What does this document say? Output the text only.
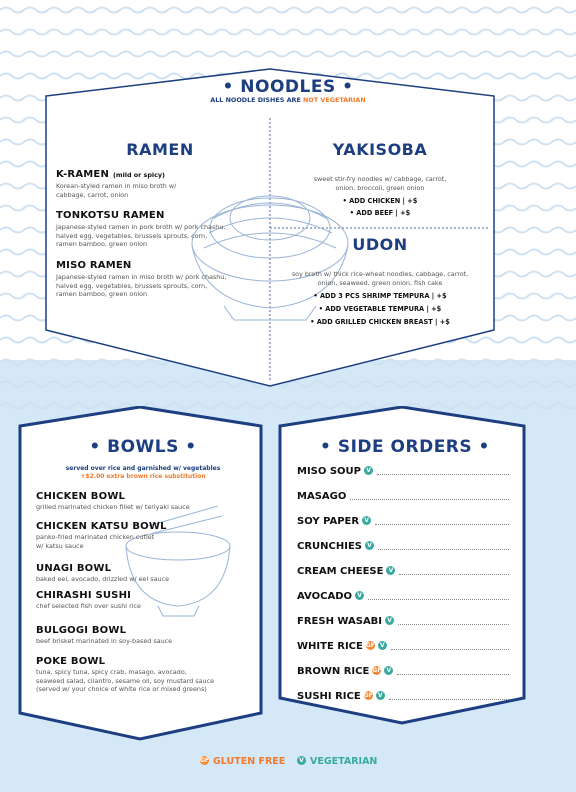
• NOODLES •
ALL NOODLE DISHES ARE NOT VEGETARIAN
RAMEN
K-RAMEN (mild or spicy)
Korean-styled ramen in miso broth w/
cabbage, carrot, onion
TONKOTSU RAMEN
Japanese-styled ramen in pork broth w/ pork chashu,
halved egg, vegetables, brussels sprouts, corn,
ramen bamboo, green onion
MISO RAMEN
Japanese-styled ramen in miso broth w/ pork chashu,
halved egg, vegetables, brussels sprouts, corn,
ramen bamboo, green onion
YAKISOBA
sweet stir-fry noodles w/ cabbage, carrot,
onion, broccoli, green onion
• ADD CHICKEN | +$
• ADD BEEF | +$
UDON
soy broth w/ thick rice-wheat noodles, cabbage, carrot,
onion, seaweed, green onion, fish cake
• ADD 3 PCS SHRIMP TEMPURA | +$
• ADD VEGETABLE TEMPURA | +$
• ADD GRILLED CHICKEN BREAST | +$
• BOWLS •
served over rice and garnished w/ vegetables
+$2.00 extra brown rice substitution
CHICKEN BOWL
grilled marinated chicken fillet w/ teriyaki sauce
CHICKEN KATSU BOWL
panko-fried marinated chicken cutlet
w/ katsu sauce
UNAGI BOWL
baked eel, avocado, drizzled w/ eel sauce
CHIRASHI SUSHI
chef selected fish over sushi rice
BULGOGI BOWL
beef brisket marinated in soy-based sauce
POKE BOWL
tuna, spicy tuna, spicy crab, masago, avocado,
seaweed salad, cilantro, sesame oil, soy mustard sauce
(served w/ your choice of white rice or mixed greens)
• SIDE ORDERS •
MISO SOUP V
MASAGO
SOY PAPER V
CRUNCHIES V
CREAM CHEESE V
AVOCADO V
FRESH WASABI V
WHITE RICE GF V
BROWN RICE GF V
SUSHI RICE GF V
GF GLUTEN FREE	V VEGETARIAN
